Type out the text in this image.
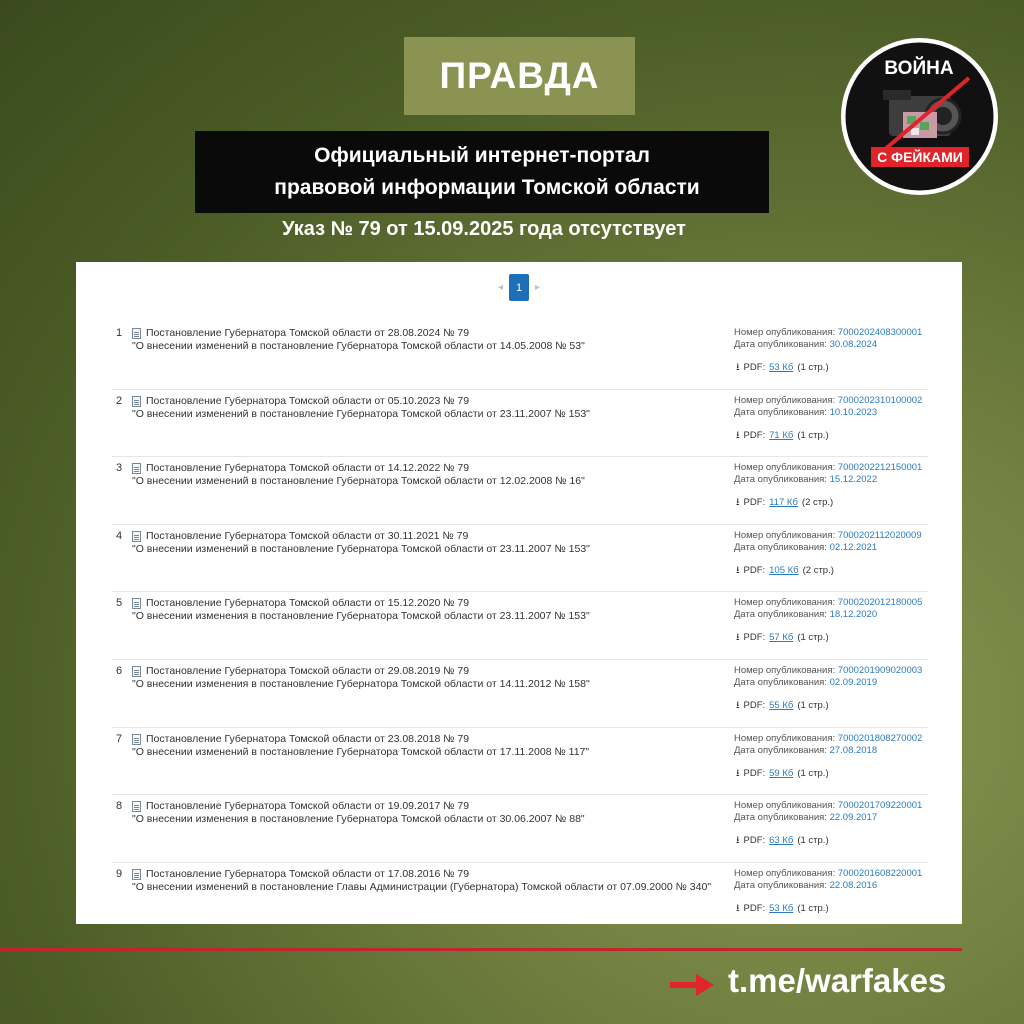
ПРАВДА
Официальный интернет-портал
правовой информации Томской области
Указ № 79 от 15.09.2025 года отсутствует
ВОЙНА
С ФЕЙКАМИ
◂	1	▸
1 Постановление Губернатора Томской области от 28.08.2024 № 79
"О внесении изменений в постановление Губернатора Томской области от 14.05.2008 № 53"
Номер опубликования: 7000202408300001
Дата опубликования: 30.08.2024
⭳ PDF: 53 Кб (1 стр.)
2 Постановление Губернатора Томской области от 05.10.2023 № 79
"О внесении изменений в постановление Губернатора Томской области от 23.11.2007 № 153"
Номер опубликования: 7000202310100002
Дата опубликования: 10.10.2023
⭳ PDF: 71 Кб (1 стр.)
3 Постановление Губернатора Томской области от 14.12.2022 № 79
"О внесении изменений в постановление Губернатора Томской области от 12.02.2008 № 16"
Номер опубликования: 7000202212150001
Дата опубликования: 15.12.2022
⭳ PDF: 117 Кб (2 стр.)
4 Постановление Губернатора Томской области от 30.11.2021 № 79
"О внесении изменений в постановление Губернатора Томской области от 23.11.2007 № 153"
Номер опубликования: 7000202112020009
Дата опубликования: 02.12.2021
⭳ PDF: 105 Кб (2 стр.)
5 Постановление Губернатора Томской области от 15.12.2020 № 79
"О внесении изменения в постановление Губернатора Томской области от 23.11.2007 № 153"
Номер опубликования: 7000202012180005
Дата опубликования: 18.12.2020
⭳ PDF: 57 Кб (1 стр.)
6 Постановление Губернатора Томской области от 29.08.2019 № 79
"О внесении изменения в постановление Губернатора Томской области от 14.11.2012 № 158"
Номер опубликования: 7000201909020003
Дата опубликования: 02.09.2019
⭳ PDF: 55 Кб (1 стр.)
7 Постановление Губернатора Томской области от 23.08.2018 № 79
"О внесении изменений в постановление Губернатора Томской области от 17.11.2008 № 117"
Номер опубликования: 7000201808270002
Дата опубликования: 27.08.2018
⭳ PDF: 59 Кб (1 стр.)
8 Постановление Губернатора Томской области от 19.09.2017 № 79
"О внесении изменения в постановление Губернатора Томской области от 30.06.2007 № 88"
Номер опубликования: 7000201709220001
Дата опубликования: 22.09.2017
⭳ PDF: 63 Кб (1 стр.)
9 Постановление Губернатора Томской области от 17.08.2016 № 79
"О внесении изменений в постановление Главы Администрации (Губернатора) Томской области от 07.09.2000 № 340"
Номер опубликования: 7000201608220001
Дата опубликования: 22.08.2016
⭳ PDF: 53 Кб (1 стр.)
t.me/warfakes
